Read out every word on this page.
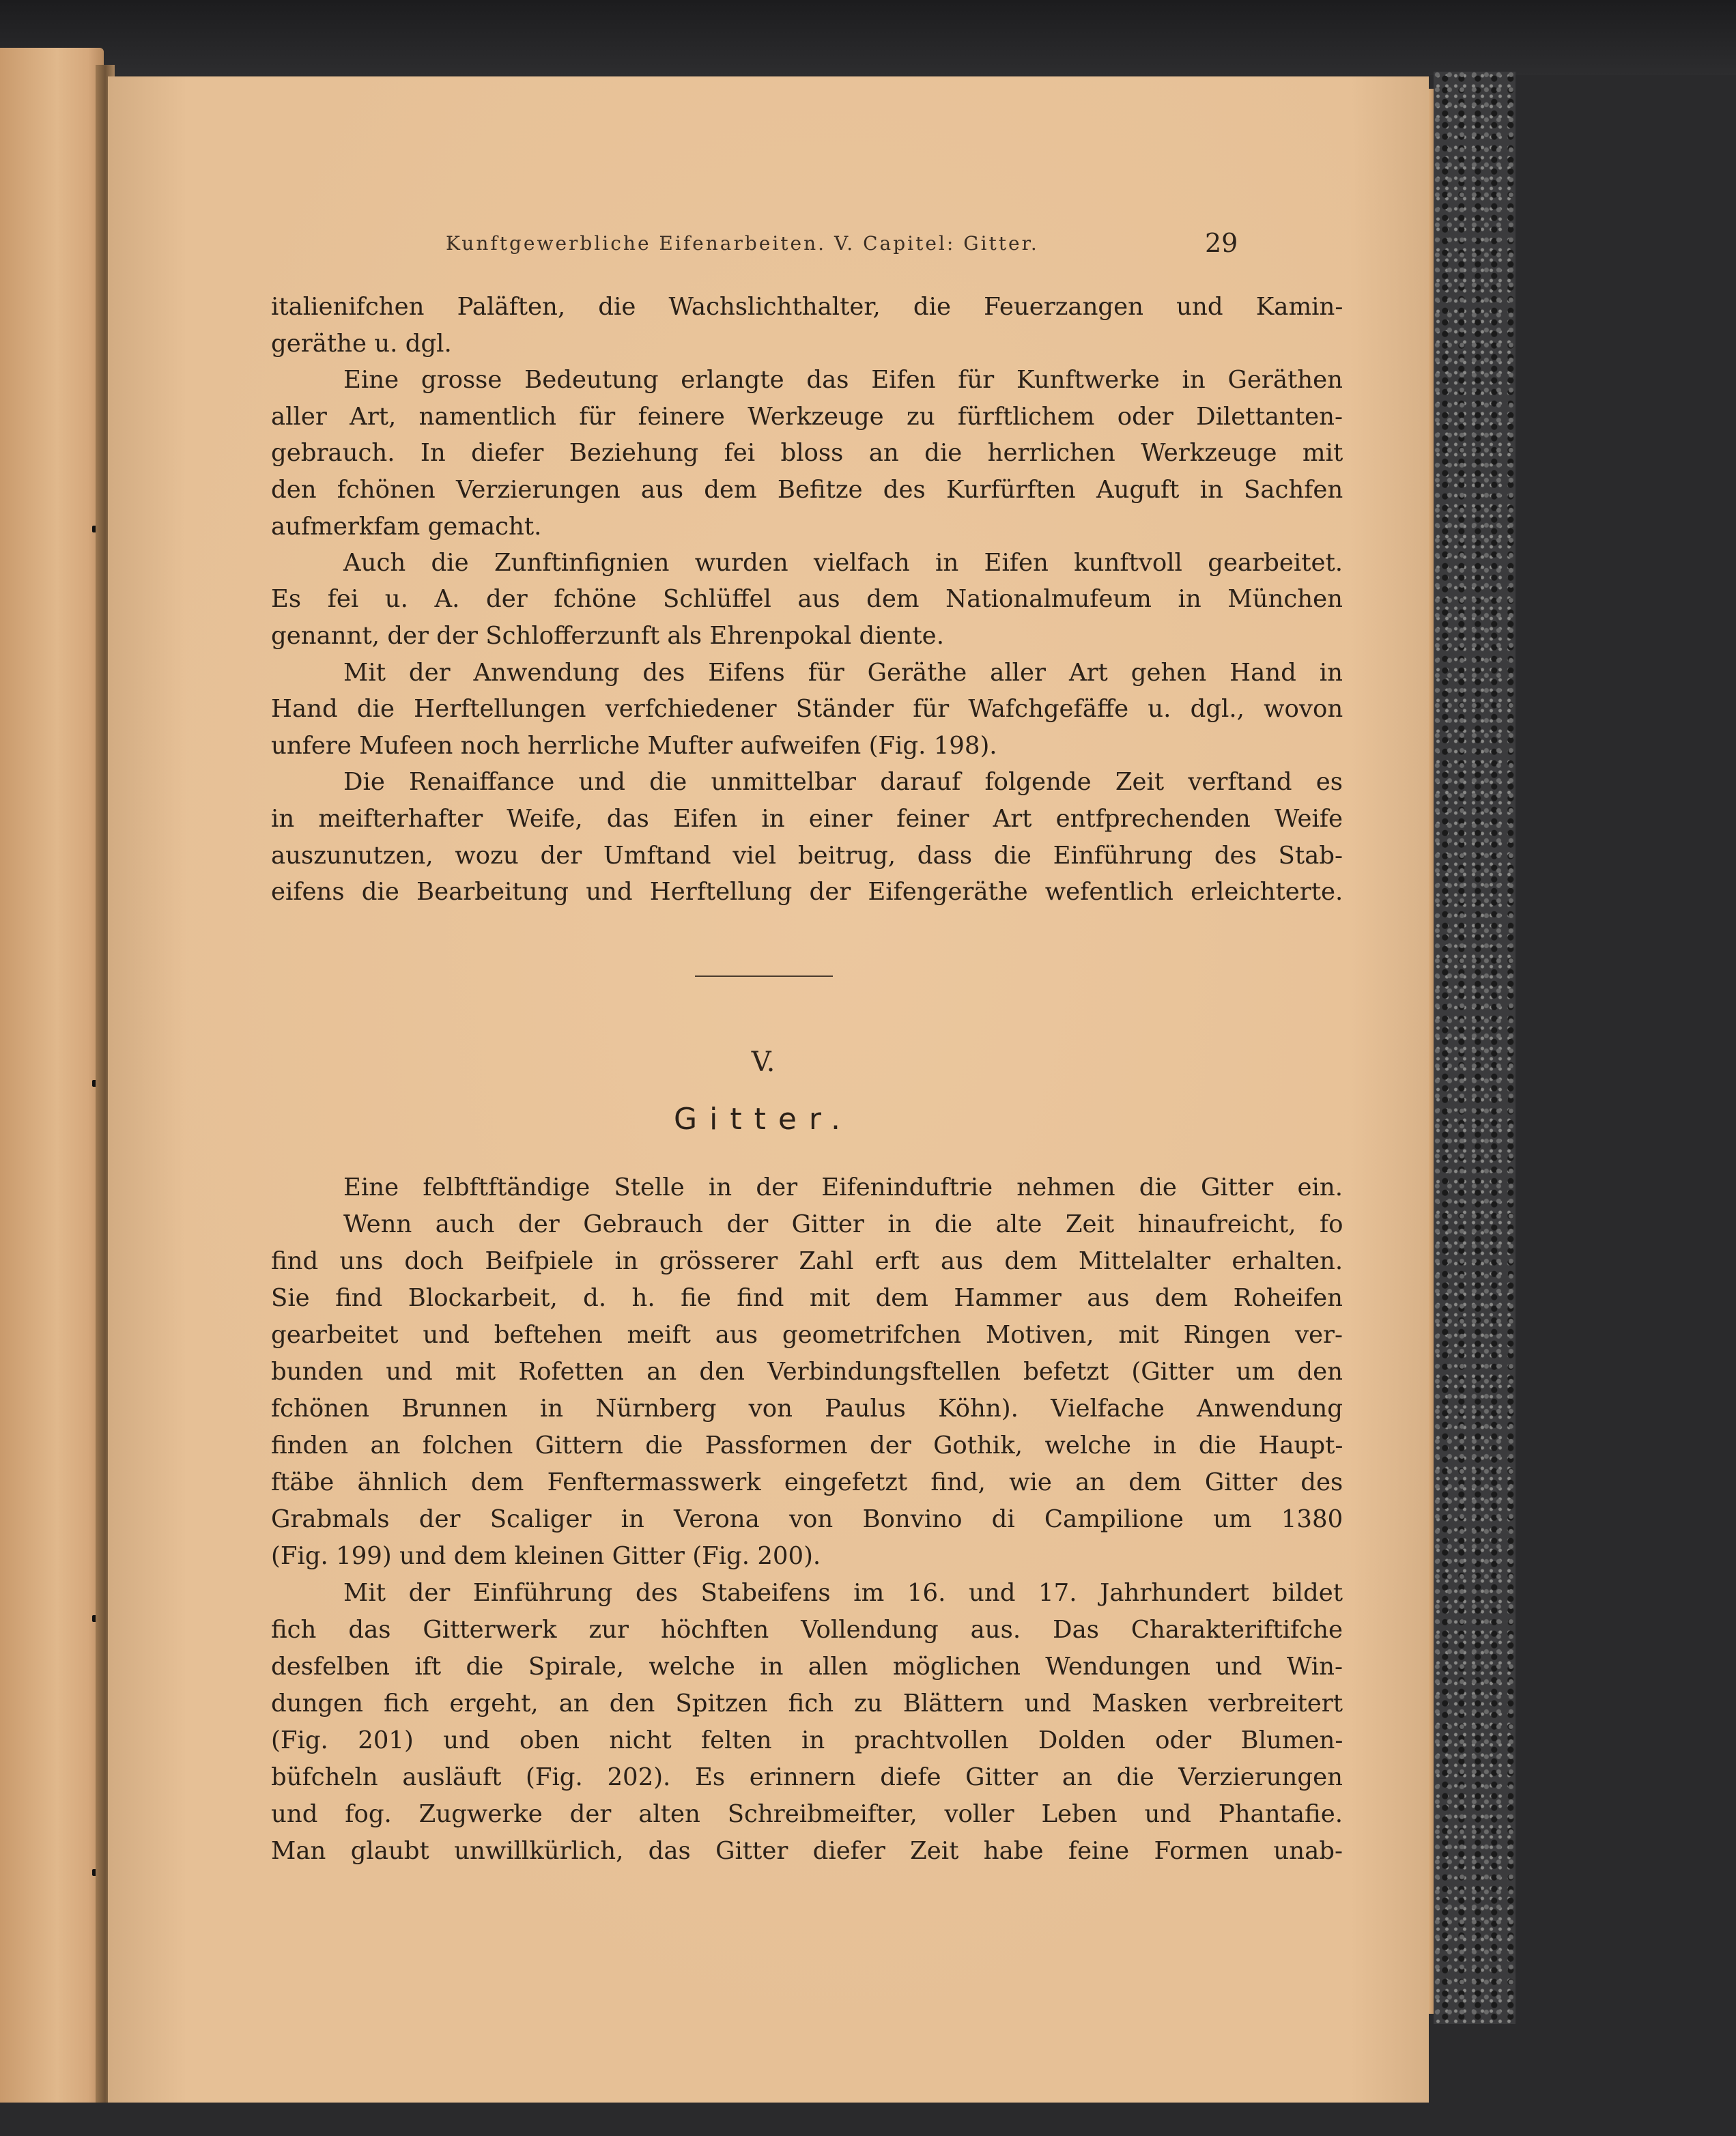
Kunftgewerbliche Eifenarbeiten. V. Capitel: Gitter.	29
italienifchen Paläften, die Wachslichthalter, die Feuerzangen und Kamin-
geräthe u. dgl.
Eine grosse Bedeutung erlangte das Eifen für Kunftwerke in Geräthen
aller Art, namentlich für feinere Werkzeuge zu fürftlichem oder Dilettanten-
gebrauch. In diefer Beziehung fei bloss an die herrlichen Werkzeuge mit
den fchönen Verzierungen aus dem Befitze des Kurfürften Auguft in Sachfen
aufmerkfam gemacht.
Auch die Zunftinfignien wurden vielfach in Eifen kunftvoll gearbeitet.
Es fei u. A. der fchöne Schlüffel aus dem Nationalmufeum in München
genannt, der der Schlofferzunft als Ehrenpokal diente.
Mit der Anwendung des Eifens für Geräthe aller Art gehen Hand in
Hand die Herftellungen verfchiedener Ständer für Wafchgefäffe u. dgl., wovon
unfere Mufeen noch herrliche Mufter aufweifen (Fig. 198).
Die Renaiffance und die unmittelbar darauf folgende Zeit verftand es
in meifterhafter Weife, das Eifen in einer feiner Art entfprechenden Weife
auszunutzen, wozu der Umftand viel beitrug, dass die Einführung des Stab-
eifens die Bearbeitung und Herftellung der Eifengeräthe wefentlich erleichterte.
V.
Gitter.
Eine felbftftändige Stelle in der Eifeninduftrie nehmen die Gitter ein.
Wenn auch der Gebrauch der Gitter in die alte Zeit hinaufreicht, fo
find uns doch Beifpiele in grösserer Zahl erft aus dem Mittelalter erhalten.
Sie find Blockarbeit, d. h. fie find mit dem Hammer aus dem Roheifen
gearbeitet und beftehen meift aus geometrifchen Motiven, mit Ringen ver-
bunden und mit Rofetten an den Verbindungsftellen befetzt (Gitter um den
fchönen Brunnen in Nürnberg von Paulus Köhn). Vielfache Anwendung
finden an folchen Gittern die Passformen der Gothik, welche in die Haupt-
ftäbe ähnlich dem Fenftermasswerk eingefetzt find, wie an dem Gitter des
Grabmals der Scaliger in Verona von Bonvino di Campilione um 1380
(Fig. 199) und dem kleinen Gitter (Fig. 200).
Mit der Einführung des Stabeifens im 16. und 17. Jahrhundert bildet
fich das Gitterwerk zur höchften Vollendung aus. Das Charakteriftifche
desfelben ift die Spirale, welche in allen möglichen Wendungen und Win-
dungen fich ergeht, an den Spitzen fich zu Blättern und Masken verbreitert
(Fig. 201) und oben nicht felten in prachtvollen Dolden oder Blumen-
büfcheln ausläuft (Fig. 202). Es erinnern diefe Gitter an die Verzierungen
und fog. Zugwerke der alten Schreibmeifter, voller Leben und Phantafie.
Man glaubt unwillkürlich, das Gitter diefer Zeit habe feine Formen unab-
